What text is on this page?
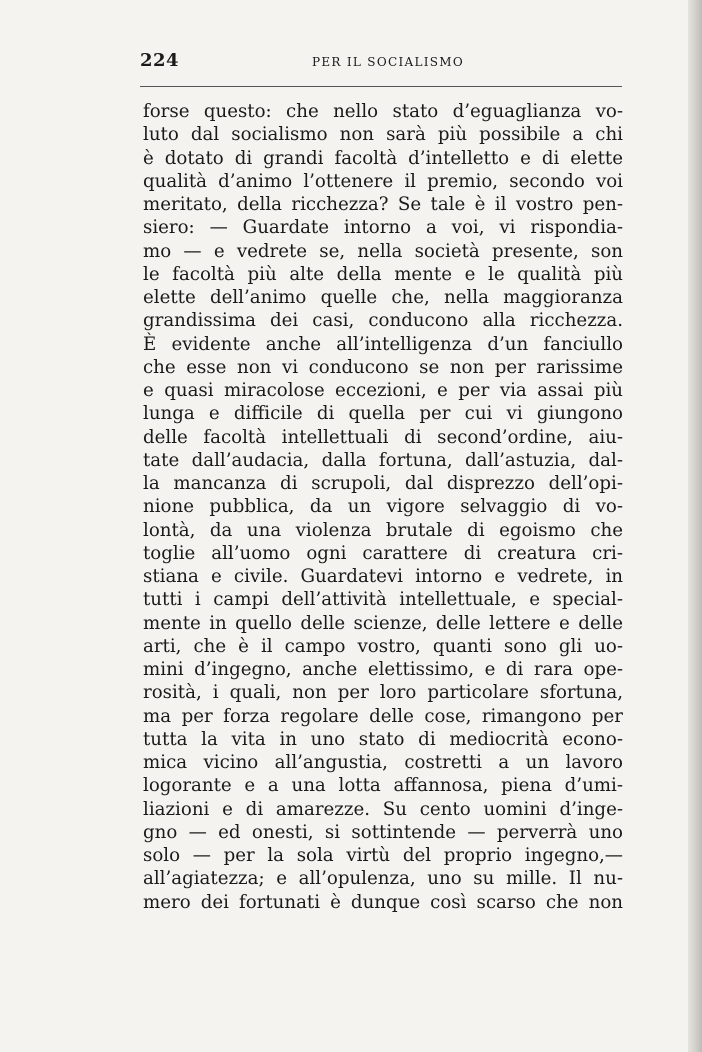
224	PER IL SOCIALISMO
forse questo: che nello stato d’eguaglianza vo-
luto dal socialismo non sarà più possibile a chi
è dotato di grandi facoltà d’intelletto e di elette
qualità d’animo l’ottenere il premio, secondo voi
meritato, della ricchezza? Se tale è il vostro pen-
siero: — Guardate intorno a voi, vi rispondia-
mo — e vedrete se, nella società presente, son
le facoltà più alte della mente e le qualità più
elette dell’animo quelle che, nella maggioranza
grandissima dei casi, conducono alla ricchezza.
È evidente anche all’intelligenza d’un fanciullo
che esse non vi conducono se non per rarissime
e quasi miracolose eccezioni, e per via assai più
lunga e difficile di quella per cui vi giungono
delle facoltà intellettuali di second’ordine, aiu-
tate dall’audacia, dalla fortuna, dall’astuzia, dal-
la mancanza di scrupoli, dal disprezzo dell’opi-
nione pubblica, da un vigore selvaggio di vo-
lontà, da una violenza brutale di egoismo che
toglie all’uomo ogni carattere di creatura cri-
stiana e civile. Guardatevi intorno e vedrete, in
tutti i campi dell’attività intellettuale, e special-
mente in quello delle scienze, delle lettere e delle
arti, che è il campo vostro, quanti sono gli uo-
mini d’ingegno, anche elettissimo, e di rara ope-
rosità, i quali, non per loro particolare sfortuna,
ma per forza regolare delle cose, rimangono per
tutta la vita in uno stato di mediocrità econo-
mica vicino all’angustia, costretti a un lavoro
logorante e a una lotta affannosa, piena d’umi-
liazioni e di amarezze. Su cento uomini d’inge-
gno — ed onesti, si sottintende — perverrà uno
solo — per la sola virtù del proprio ingegno,—
all’agiatezza; e all’opulenza, uno su mille. Il nu-
mero dei fortunati è dunque così scarso che non
